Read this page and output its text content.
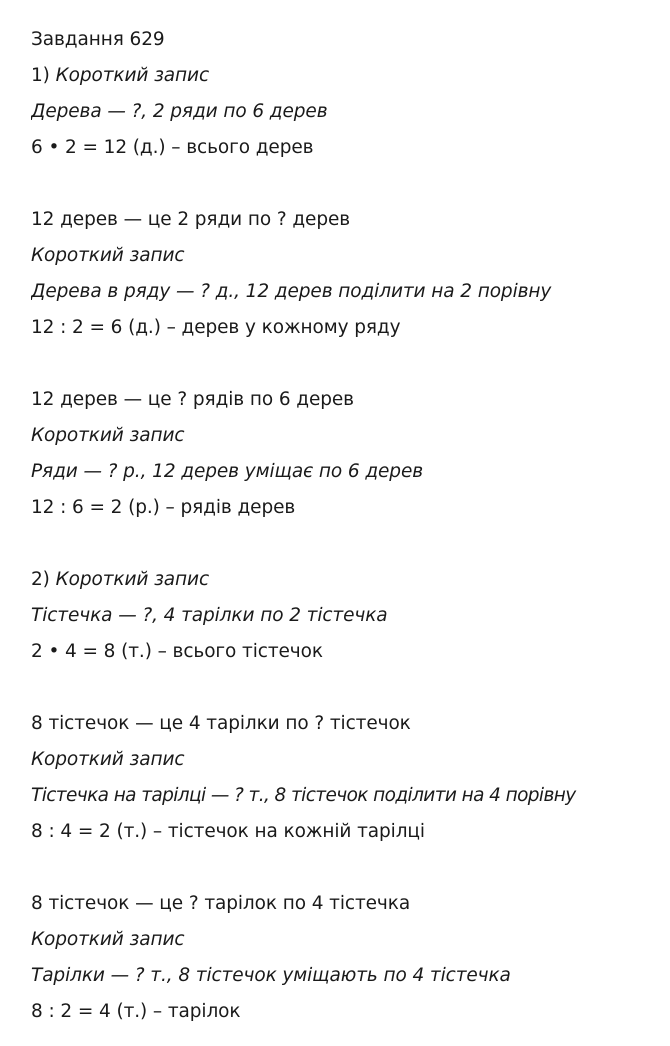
Завдання 629
1) Короткий запис
Дерева — ?, 2 ряди по 6 дерев
6 • 2 = 12 (д.) – всього дерев
12 дерев — це 2 ряди по ? дерев
Короткий запис
Дерева в ряду — ? д., 12 дерев поділити на 2 порівну
12 : 2 = 6 (д.) – дерев у кожному ряду
12 дерев — це ? рядів по 6 дерев
Короткий запис
Ряди — ? р., 12 дерев уміщає по 6 дерев
12 : 6 = 2 (р.) – рядів дерев
2) Короткий запис
Тістечка — ?, 4 тарілки по 2 тістечка
2 • 4 = 8 (т.) – всього тістечок
8 тістечок — це 4 тарілки по ? тістечок
Короткий запис
Тістечка на тарілці — ? т., 8 тістечок поділити на 4 порівну
8 : 4 = 2 (т.) – тістечок на кожній тарілці
8 тістечок — це ? тарілок по 4 тістечка
Короткий запис
Тарілки — ? т., 8 тістечок уміщають по 4 тістечка
8 : 2 = 4 (т.) – тарілок
